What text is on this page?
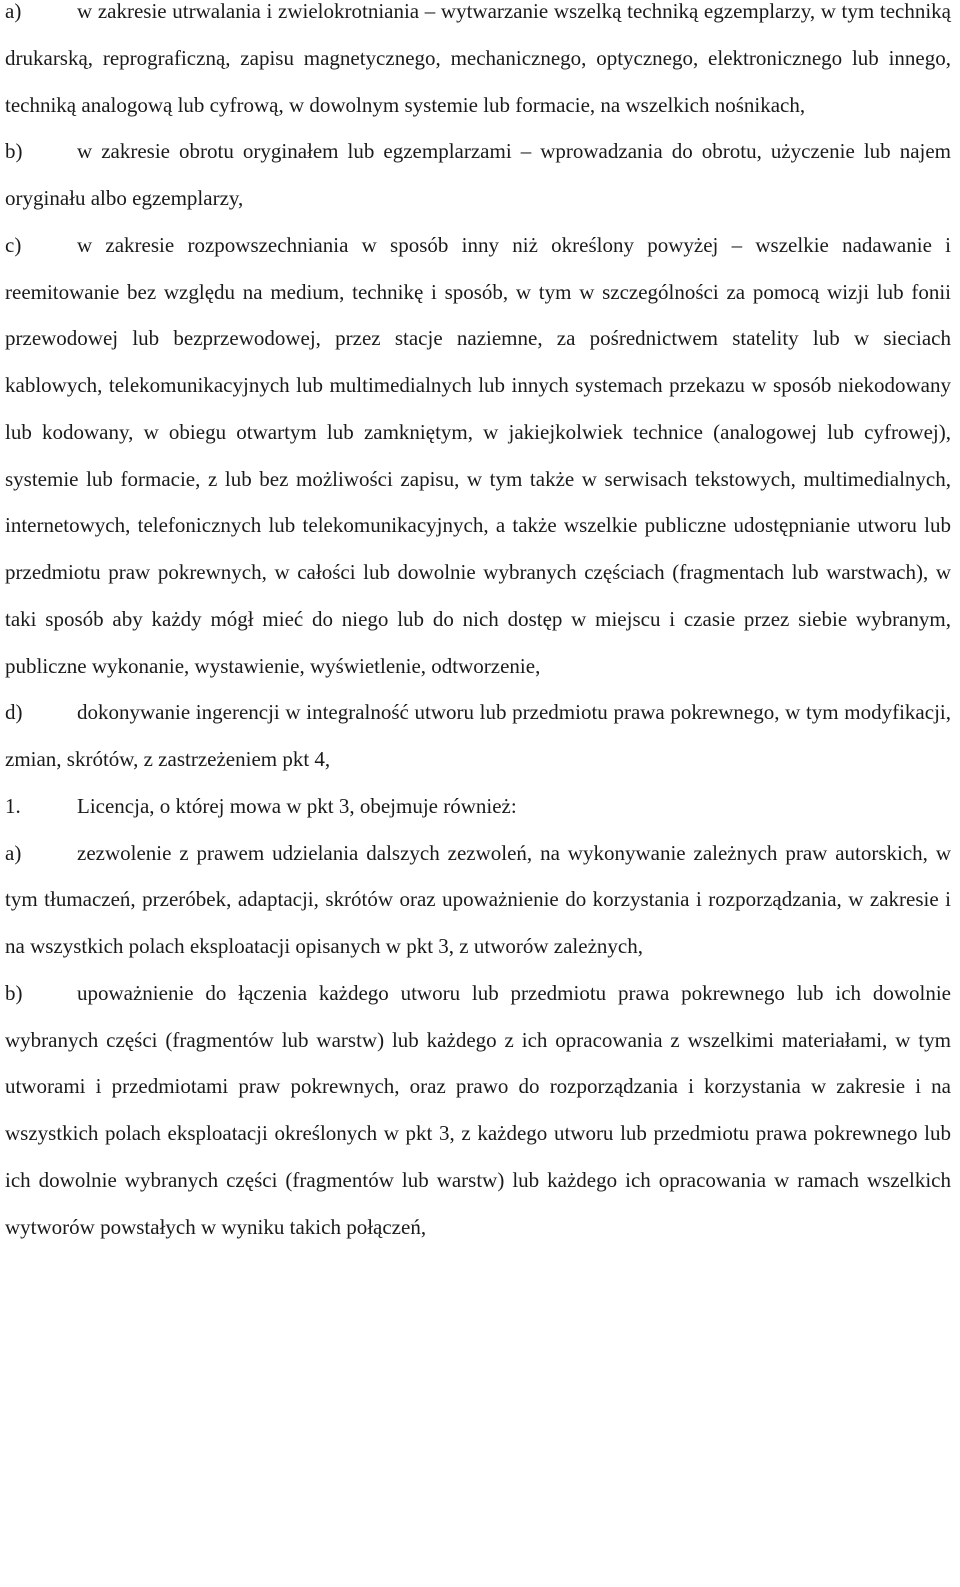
a)	w zakresie utrwalania i zwielokrotniania – wytwarzanie wszelką techniką egzemplarzy, w tym techniką drukarską, reprograficzną, zapisu magnetycznego, mechanicznego, optycznego, elektronicznego lub innego, techniką analogową lub cyfrową, w dowolnym systemie lub formacie, na wszelkich nośnikach,

b)	w zakresie obrotu oryginałem lub egzemplarzami – wprowadzania do obrotu, użyczenie lub najem oryginału albo egzemplarzy,

c)	w zakresie rozpowszechniania w sposób inny niż określony powyżej – wszelkie nadawanie i reemitowanie bez względu na medium, technikę i sposób, w tym w szczególności za pomocą wizji lub fonii przewodowej lub bezprzewodowej, przez stacje naziemne, za pośrednictwem statelity lub w sieciach kablowych, telekomunikacyjnych lub multimedialnych lub innych systemach przekazu w sposób niekodowany lub kodowany, w obiegu otwartym lub zamkniętym, w jakiejkolwiek technice (analogowej lub cyfrowej), systemie lub formacie, z lub bez możliwości zapisu, w tym także w serwisach tekstowych, multimedialnych, internetowych, telefonicznych lub telekomunikacyjnych, a także wszelkie publiczne udostępnianie utworu lub przedmiotu praw pokrewnych, w całości lub dowolnie wybranych częściach (fragmentach lub warstwach), w taki sposób aby każdy mógł mieć do niego lub do nich dostęp w miejscu i czasie przez siebie wybranym, publiczne wykonanie, wystawienie, wyświetlenie, odtworzenie,

d)	dokonywanie ingerencji w integralność utworu lub przedmiotu prawa pokrewnego, w tym modyfikacji, zmian, skrótów, z zastrzeżeniem pkt 4,

1.	Licencja, o której mowa w pkt 3, obejmuje również:

a)	zezwolenie z prawem udzielania dalszych zezwoleń, na wykonywanie zależnych praw autorskich, w tym tłumaczeń, przeróbek, adaptacji, skrótów oraz upoważnienie do korzystania i rozporządzania, w zakresie i na wszystkich polach eksploatacji opisanych w pkt 3, z utworów zależnych,

b)	upoważnienie do łączenia każdego utworu lub przedmiotu prawa pokrewnego lub ich dowolnie wybranych części (fragmentów lub warstw) lub każdego z ich opracowania z wszelkimi materiałami, w tym utworami i przedmiotami praw pokrewnych, oraz prawo do rozporządzania i korzystania w zakresie i na wszystkich polach eksploatacji określonych w pkt 3, z każdego utworu lub przedmiotu prawa pokrewnego lub ich dowolnie wybranych części (fragmentów lub warstw) lub każdego ich opracowania w ramach wszelkich wytworów powstałych w wyniku takich połączeń,
